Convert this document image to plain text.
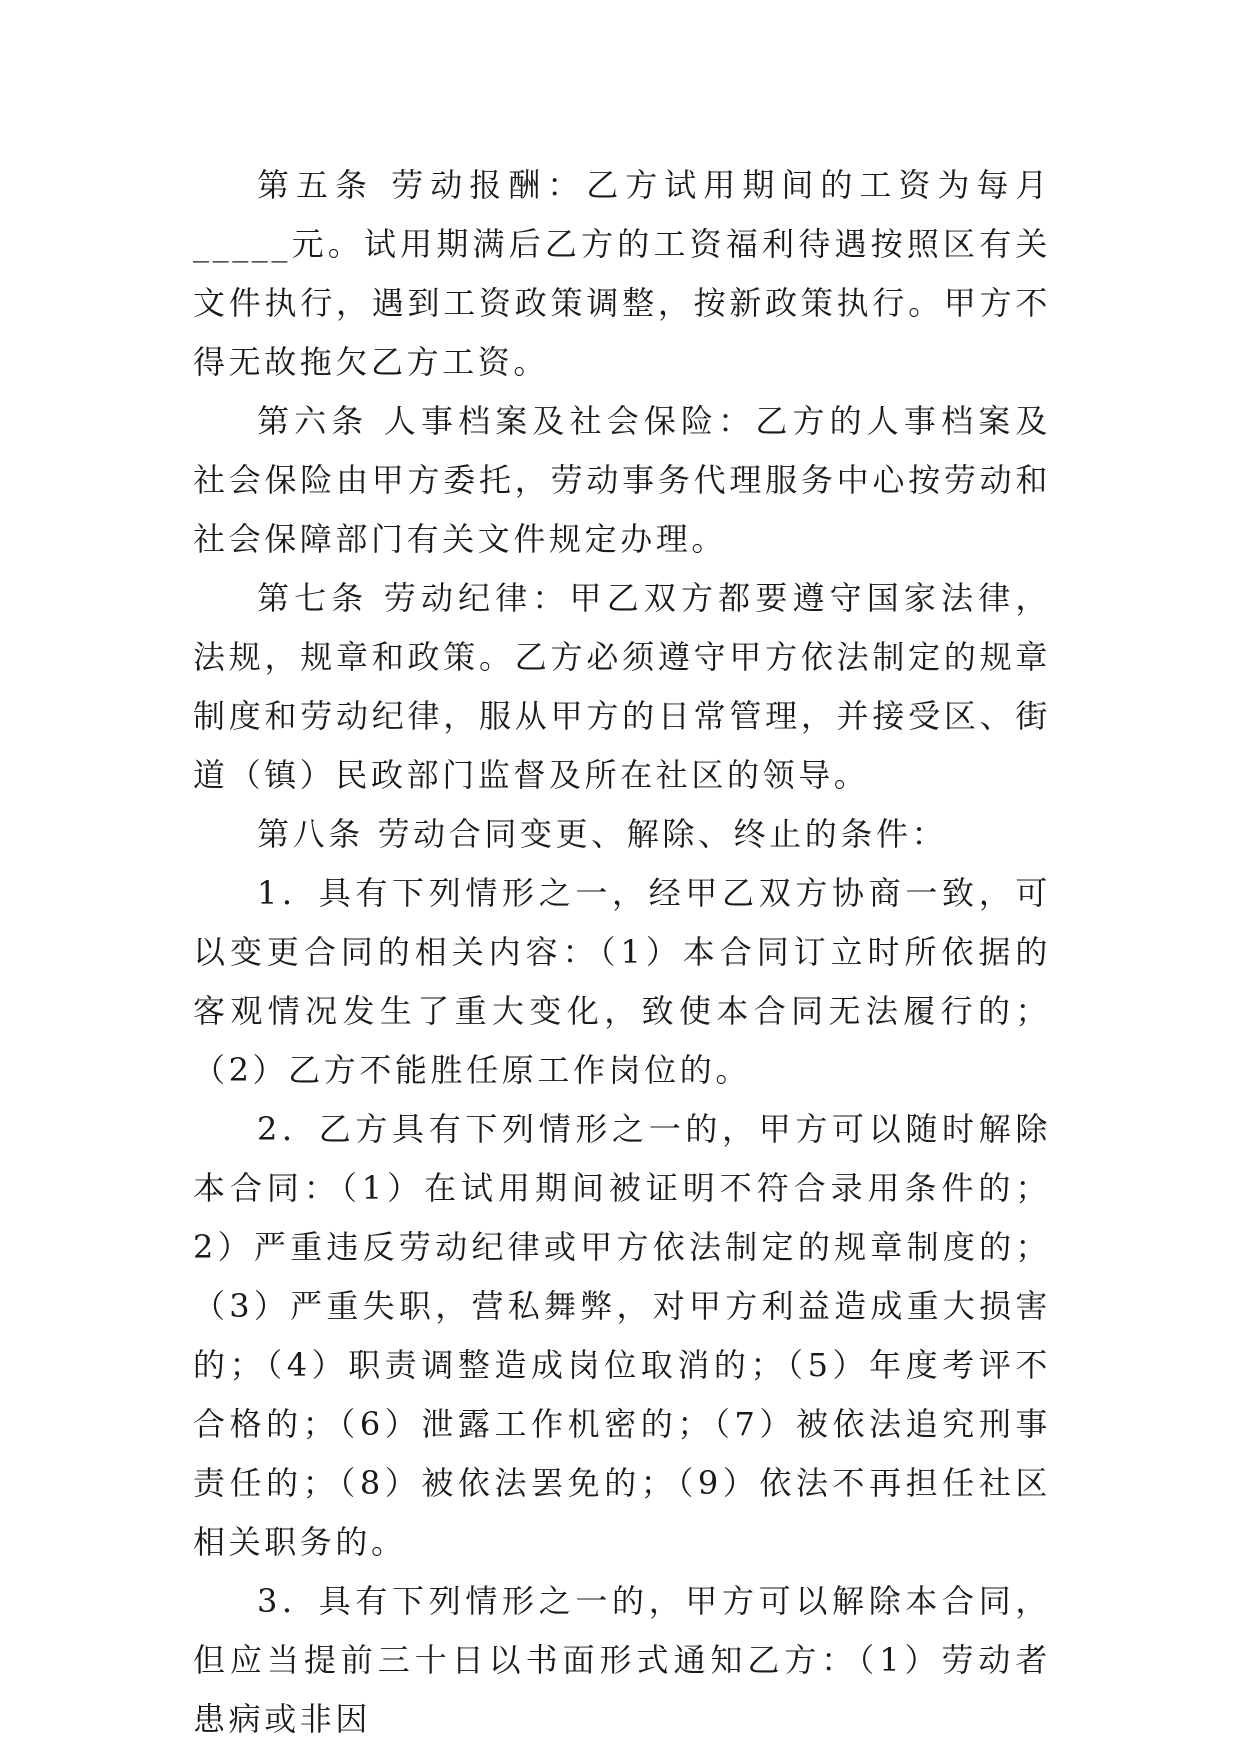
第五条 劳动报酬：乙方试用期间的工资为每月_____元。试用期满后乙方的工资福利待遇按照区有关文件执行，遇到工资政策调整，按新政策执行。甲方不得无故拖欠乙方工资。

第六条 人事档案及社会保险：乙方的人事档案及社会保险由甲方委托，劳动事务代理服务中心按劳动和社会保障部门有关文件规定办理。

第七条 劳动纪律：甲乙双方都要遵守国家法律，法规，规章和政策。乙方必须遵守甲方依法制定的规章制度和劳动纪律，服从甲方的日常管理，并接受区、街道（镇）民政部门监督及所在社区的领导。

第八条 劳动合同变更、解除、终止的条件：

1．具有下列情形之一，经甲乙双方协商一致，可以变更合同的相关内容：（1）本合同订立时所依据的客观情况发生了重大变化，致使本合同无法履行的；（2）乙方不能胜任原工作岗位的。

2．乙方具有下列情形之一的，甲方可以随时解除本合同：（1）在试用期间被证明不符合录用条件的；2）严重违反劳动纪律或甲方依法制定的规章制度的；（3）严重失职，营私舞弊，对甲方利益造成重大损害的；（4）职责调整造成岗位取消的；（5）年度考评不合格的；（6）泄露工作机密的；（7）被依法追究刑事责任的；（8）被依法罢免的；（9）依法不再担任社区相关职务的。

3．具有下列情形之一的，甲方可以解除本合同，但应当提前三十日以书面形式通知乙方：（1）劳动者患病或非因
